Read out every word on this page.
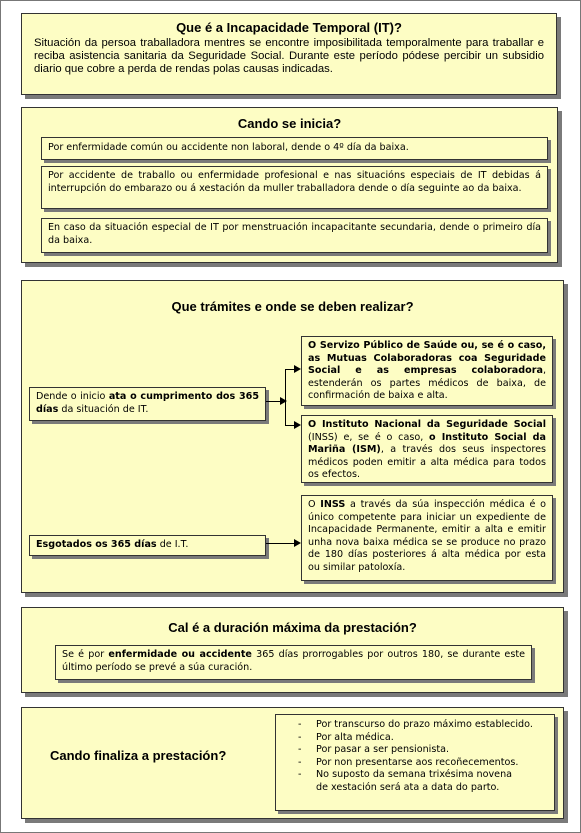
Que é a Incapacidade Temporal (IT)?
Situación da persoa traballadora mentres se encontre imposibilitada temporalmente para traballar e reciba asistencia sanitaria da Seguridade Social. Durante este período pódese percibir un subsidio diario que cobre a perda de rendas polas causas indicadas.
Cando se inicia?
Por enfermidade común ou accidente non laboral, dende o 4º día da baixa.
Por accidente de traballo ou enfermidade profesional e nas situacións especiais de IT debidas á interrupción do embarazo ou á xestación da muller traballadora dende o día seguinte ao da baixa.
En caso da situación especial de IT por menstruación incapacitante secundaria, dende o primeiro día da baixa.
Que trámites e onde se deben realizar?
Dende o inicio ata o cumprimento dos 365 días da situación de IT.
O Servizo Público de Saúde ou, se é o caso, as Mutuas Colaboradoras coa Seguridade Social e as empresas colaboradora, estenderán os partes médicos de baixa, de confirmación de baixa e alta.
O Instituto Nacional da Seguridade Social (INSS) e, se é o caso, o Instituto Social da Mariña (ISM), a través dos seus inspectores médicos poden emitir a alta médica para todos os efectos.
Esgotados os 365 días de I.T.
O INSS a través da súa inspección médica é o único competente para iniciar un expediente de Incapacidade Permanente, emitir a alta e emitir unha nova baixa médica se se produce no prazo de 180 días posteriores á alta médica por esta ou similar patoloxía.
Cal é a duración máxima da prestación?
Se é por enfermidade ou accidente 365 días prorrogables por outros 180, se durante este último período se prevé a súa curación.
Cando finaliza a prestación?
- Por transcurso do prazo máximo establecido.
- Por alta médica.
- Por pasar a ser pensionista.
- Por non presentarse aos recoñecementos.
- No suposto da semana trixésima novena de xestación será ata a data do parto.
